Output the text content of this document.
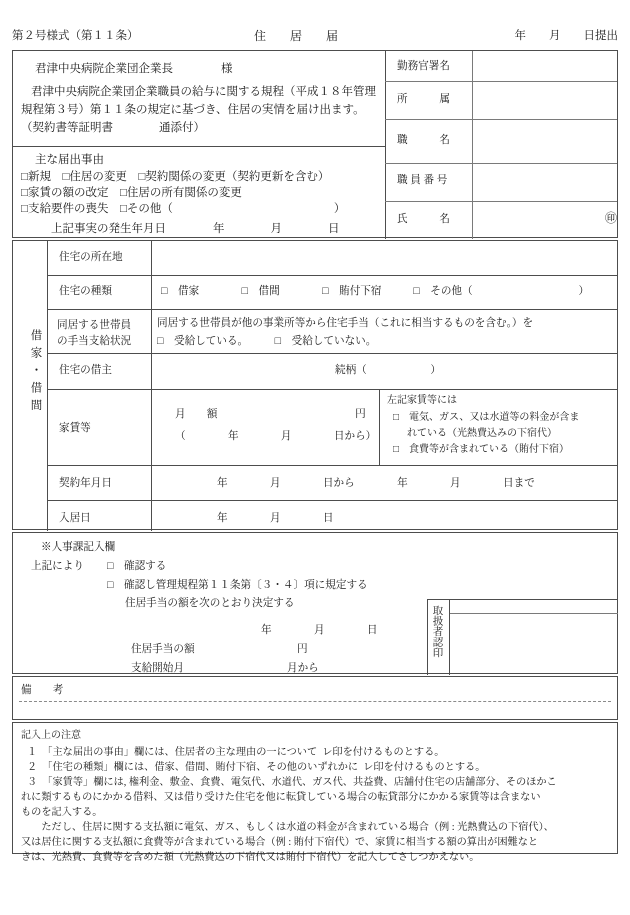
第２号様式（第１１条）	住　　居　　届	年　　月　　日提出
君津中央病院企業団企業長	様
君津中央病院企業団企業職員の給与に関する規程（平成１８年管理
規程第３号）第１１条の規定に基づき、住居の実情を届け出ます。
（契約書等証明書　　　　通添付）
主な届出事由
□新規　□住居の変更　□契約関係の変更（契約更新を含む）
□家賃の額の改定　□住居の所有関係の変更
□支給要件の喪失　□その他（　　　　　　　　　　　　　　）
上記事実の発生年月日	年　　　　月　　　　日
勤務官署名
所　　　属
職　　　名
職 員 番 号
氏　　　名	㊞
借家・借間
住宅の所在地
住宅の種類	□　借家　　　　□　借間　　　　□　賄付下宿　　　□　その他（　　　　　　　　　　）
同居する世帯員
の手当支給状況
同居する世帯員が他の事業所等から住宅手当（これに相当するものを含む。）を
□　受給している。　　　□　受給していない。
住宅の借主	続柄（　　　　　　）
家賃等
月　　額　　　　　　　　　　　　　円
（　　　　年　　　　月　　　　日から）
左記家賃等には
□　電気、ガス、又は水道等の料金が含ま
れている（光熱費込みの下宿代）
□　食費等が含まれている（賄付下宿）
契約年月日	年　　　　月　　　　日から　　　　年　　　　月　　　　日まで
入居日	年　　　　月　　　　日
※人事課記入欄
上記により □　確認する
□　確認し管理規程第１１条第〔３・４〕項に規定する
住居手当の額を次のとおり決定する
年　　　　月　　　　日
住居手当の額	円
支給開始月	月から
取扱者認印
備　　考
記入上の注意
１　「主な届出の事由」欄には、住居者の主な理由の一について  レ印を付けるものとする。
２　「住宅の種類」欄には、借家、借間、賄付下宿、その他のいずれかに  レ印を付けるものとする。
３　「家賃等」欄には, 権利金、敷金、食費、電気代、水道代、ガス代、共益費、店舗付住宅の店舗部分、そのほかこ
れに類するものにかかる借料、又は借り受けた住宅を他に転貸している場合の転貸部分にかかる家賃等は含まない
ものを記入する。
　　ただし、住居に関する支払額に電気、ガス、もしくは水道の料金が含まれている場合（例 : 光熱費込の下宿代）、
又は居住に関する支払額に食費等が含まれている場合（例 : 賄付下宿代）で、家賃に相当する額の算出が困難なと
きは、光熱費、食費等を含めた額（光熱費込の下宿代又は賄付下宿代）を記入してさしつかえない。
